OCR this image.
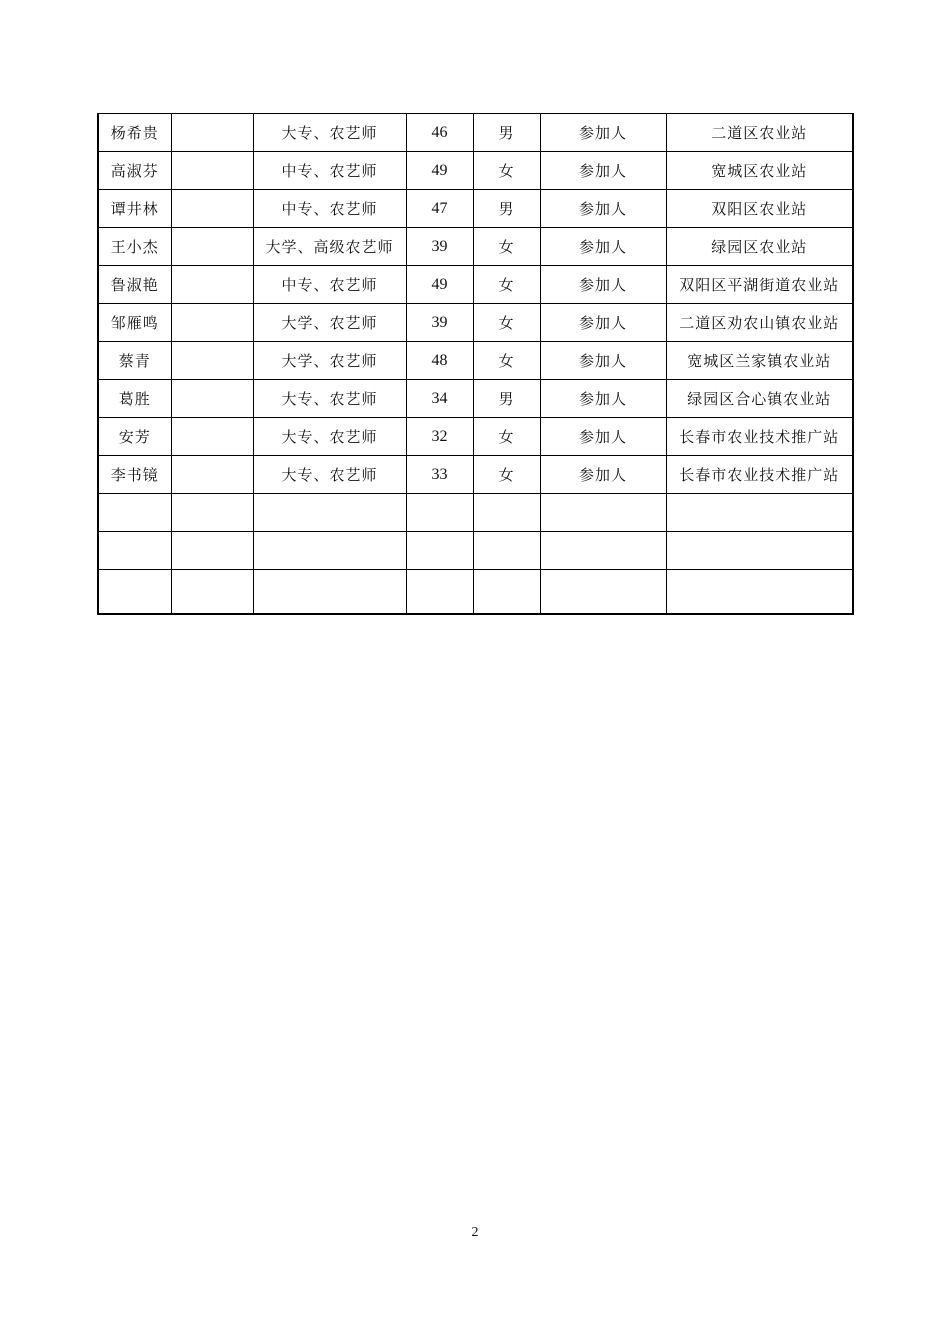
杨希贵		大专、农艺师	46	男	参加人	二道区农业站
高淑芬		中专、农艺师	49	女	参加人	宽城区农业站
谭井林		中专、农艺师	47	男	参加人	双阳区农业站
王小杰		大学、高级农艺师	39	女	参加人	绿园区农业站
鲁淑艳		中专、农艺师	49	女	参加人	双阳区平湖街道农业站
邹雁鸣		大学、农艺师	39	女	参加人	二道区劝农山镇农业站
蔡青		大学、农艺师	48	女	参加人	宽城区兰家镇农业站
葛胜		大专、农艺师	34	男	参加人	绿园区合心镇农业站
安芳		大专、农艺师	32	女	参加人	长春市农业技术推广站
李书镜		大专、农艺师	33	女	参加人	长春市农业技术推广站

2
